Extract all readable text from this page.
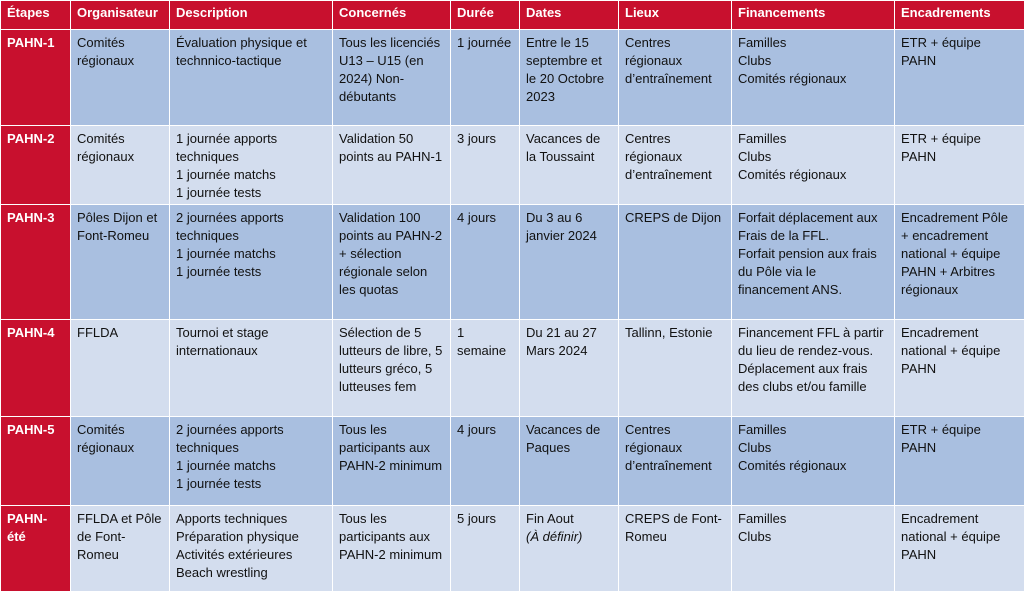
Étapes	Organisateur	Description	Concernés	Durée	Dates	Lieux	Financements	Encadrements
PAHN-1	Comités régionaux	Évaluation physique et technnico-tactique	Tous les licenciés U13 – U15 (en 2024) Non-débutants	1 journée	Entre le 15 septembre et le 20 Octobre 2023	Centres régionaux d’entraînement	Familles
Clubs
Comités régionaux	ETR + équipe PAHN
PAHN-2	Comités régionaux	1 journée apports techniques
1 journée matchs
1 journée tests	Validation 50 points au PAHN-1	3 jours	Vacances de la Toussaint	Centres régionaux d’entraînement	Familles
Clubs
Comités régionaux	ETR + équipe PAHN
PAHN-3	Pôles Dijon et Font-Romeu	2 journées apports techniques
1 journée matchs
1 journée tests	Validation 100 points au PAHN-2 + sélection régionale selon les quotas	4 jours	Du 3 au 6 janvier 2024	CREPS de Dijon	Forfait déplacement aux Frais de la FFL.
Forfait pension aux frais du Pôle via le financement ANS.	Encadrement Pôle + encadrement national + équipe PAHN + Arbitres régionaux
PAHN-4	FFLDA	Tournoi et stage internationaux	Sélection de 5 lutteurs de libre, 5 lutteurs gréco, 5 lutteuses fem	1 semaine	Du 21 au 27 Mars 2024	Tallinn, Estonie	Financement FFL à partir du lieu de rendez-vous.
Déplacement aux frais des clubs et/ou famille	Encadrement national + équipe PAHN
PAHN-5	Comités régionaux	2 journées apports techniques
1 journée matchs
1 journée tests	Tous les participants aux PAHN-2 minimum	4 jours	Vacances de Paques	Centres régionaux d’entraînement	Familles
Clubs
Comités régionaux	ETR + équipe PAHN
PAHN-été	FFLDA et Pôle de Font-Romeu	Apports techniques
Préparation physique
Activités extérieures
Beach wrestling	Tous les participants aux PAHN-2 minimum	5 jours	Fin Aout
(À définir)	CREPS de Font-Romeu	Familles
Clubs	Encadrement national + équipe PAHN
